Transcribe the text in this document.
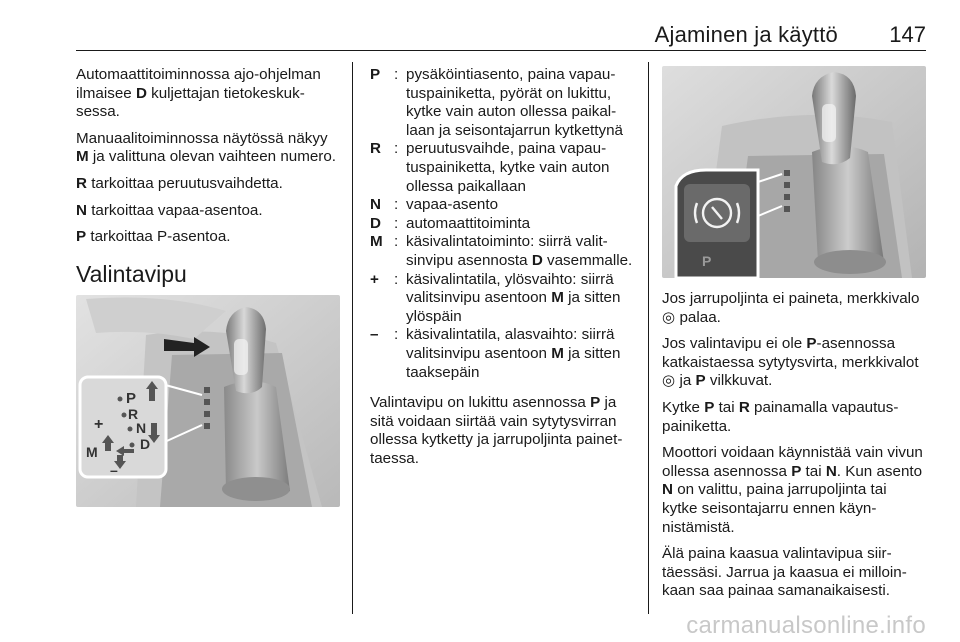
Ajaminen ja käyttö 147

Automaattitoiminnossa ajo-ohjelman ilmaisee D kuljettajan tietokeskuksessa.

Manuaalitoiminnossa näytössä näkyy M ja valittuna olevan vaihteen numero.

R tarkoittaa peruutusvaihdetta.

N tarkoittaa vapaa-asentoa.

P tarkoittaa P-asentoa.

Valintavipu
P
R
N
D
M
+
–
P : pysäköintiasento, paina vapautuspainiketta, pyörät on lukittu, kytke vain auton ollessa paikallaan ja seisontajarrun kytkettynä
R : peruutusvaihde, paina vapautuspainiketta, kytke vain auton ollessa paikallaan
N : vapaa-asento
D : automaattitoiminta
M : käsivalintatoiminto: siirrä valitsinvipu asennosta D vasemmalle.
+ : käsivalintatila, ylösvaihto: siirrä valitsinvipu asentoon M ja sitten ylöspäin
–	: käsivalintatila, alasvaihto: siirrä valitsinvipu asentoon M ja sitten taaksepäin

Valintavipu on lukittu asennossa P ja sitä voidaan siirtää vain sytytysvirran ollessa kytketty ja jarrupoljinta painettaessa.

P

Jos jarrupoljinta ei paineta, merkkivalo ◎ palaa.

Jos valintavipu ei ole P-asennossa katkaistaessa sytytysvirta, merkkivalot ◎ ja P vilkkuvat.

Kytke P tai R painamalla vapautuspainiketta.

Moottori voidaan käynnistää vain vivun ollessa asennossa P tai N. Kun asento N on valittu, paina jarrupoljinta tai kytke seisontajarru ennen käynnistämistä.

Älä paina kaasua valintavipua siirtäessäsi. Jarrua ja kaasua ei milloinkaan saa painaa samanaikaisesti.

carmanualsonline.info
